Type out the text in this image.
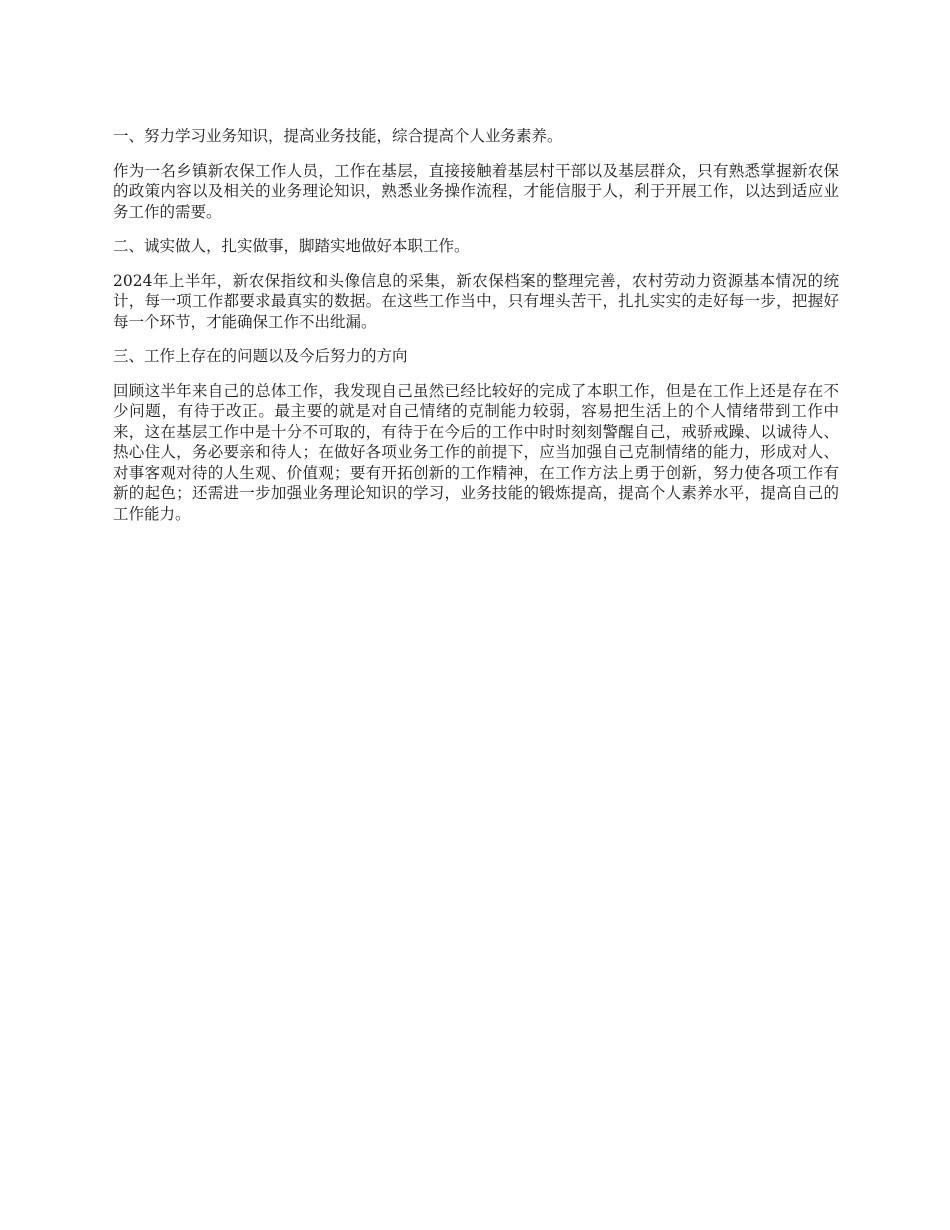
一、努力学习业务知识，提高业务技能，综合提高个人业务素养。

作为一名乡镇新农保工作人员，工作在基层，直接接触着基层村干部以及基层群众，只有熟悉掌握新农保的政策内容以及相关的业务理论知识，熟悉业务操作流程，才能信服于人，利于开展工作，以达到适应业务工作的需要。

二、诚实做人，扎实做事，脚踏实地做好本职工作。

2024年上半年，新农保指纹和头像信息的采集，新农保档案的整理完善，农村劳动力资源基本情况的统计，每一项工作都要求最真实的数据。在这些工作当中，只有埋头苦干，扎扎实实的走好每一步，把握好每一个环节，才能确保工作不出纰漏。

三、工作上存在的问题以及今后努力的方向

回顾这半年来自己的总体工作，我发现自己虽然已经比较好的完成了本职工作，但是在工作上还是存在不少问题，有待于改正。最主要的就是对自己情绪的克制能力较弱，容易把生活上的个人情绪带到工作中来，这在基层工作中是十分不可取的，有待于在今后的工作中时时刻刻警醒自己，戒骄戒躁、以诚待人、热心住人，务必要亲和待人；在做好各项业务工作的前提下，应当加强自己克制情绪的能力，形成对人、对事客观对待的人生观、价值观；要有开拓创新的工作精神，在工作方法上勇于创新，努力使各项工作有新的起色；还需进一步加强业务理论知识的学习，业务技能的锻炼提高，提高个人素养水平，提高自己的工作能力。
